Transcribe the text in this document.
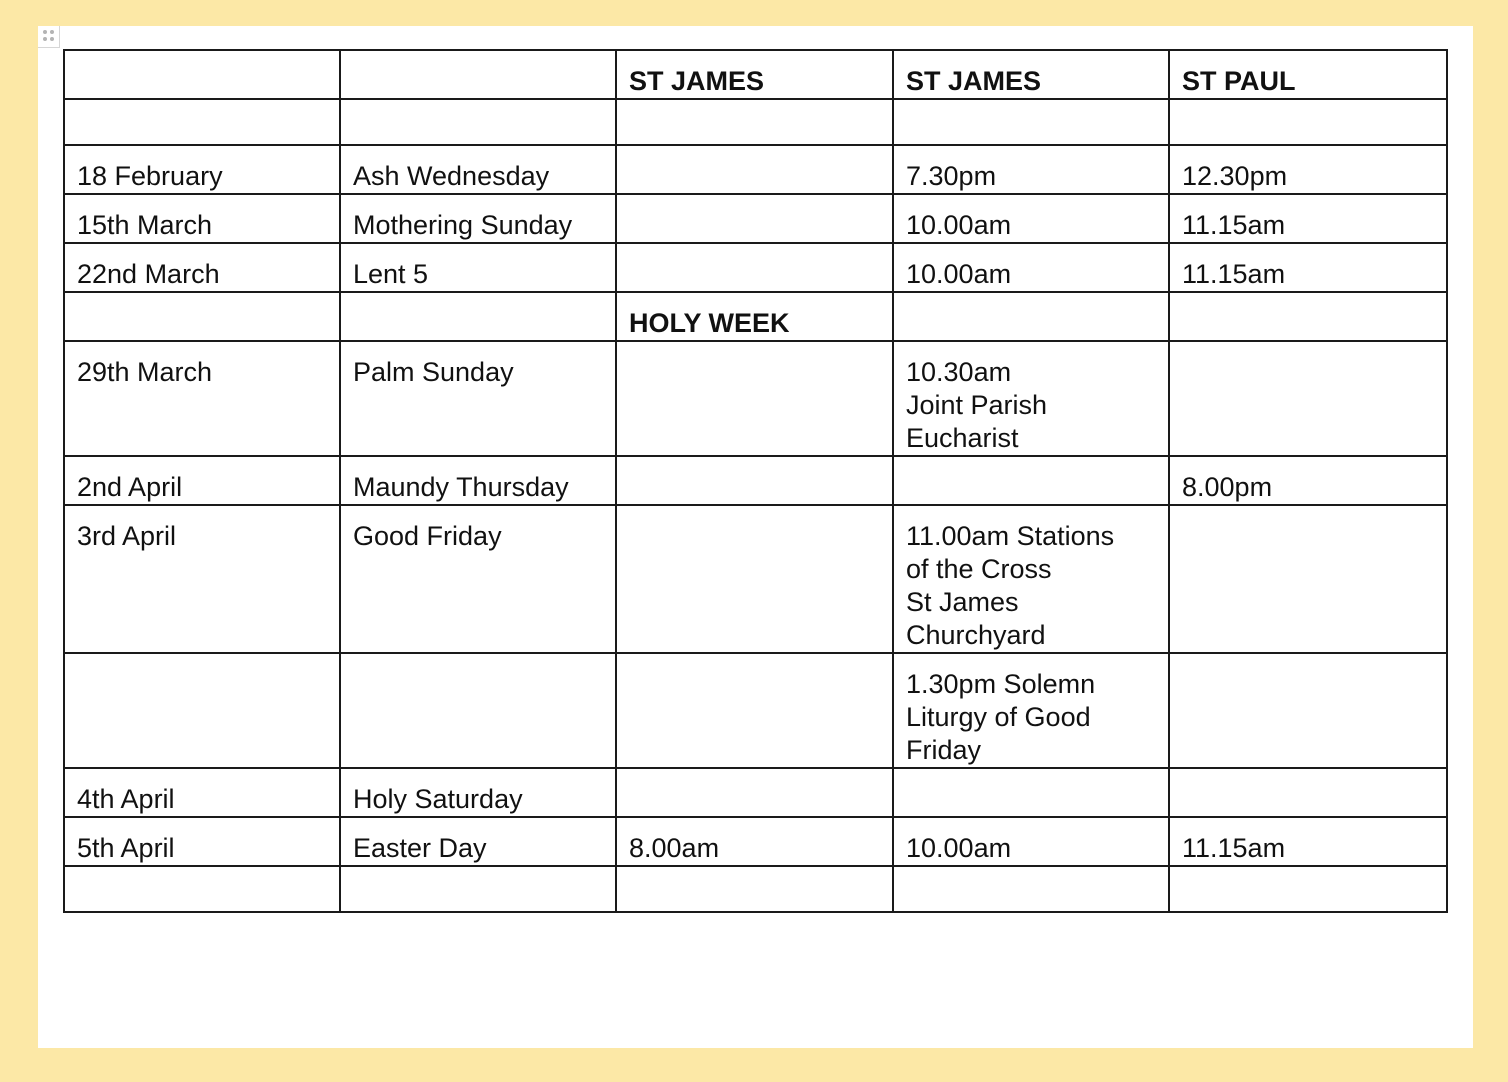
		ST JAMES	ST JAMES	ST PAUL

18 February	Ash Wednesday		7.30pm	12.30pm

15th March	Mothering Sunday		10.00am	11.15am

22nd March	Lent 5		10.00am	11.15am

		HOLY WEEK		

29th March	Palm Sunday		10.30am
Joint Parish
Eucharist	

2nd April	Maundy Thursday			8.00pm

3rd April	Good Friday		11.00am Stations
of the Cross
St James
Churchyard	

			1.30pm Solemn
Liturgy of Good
Friday	

4th April	Holy Saturday			

5th April	Easter Day	8.00am	10.00am	11.15am
